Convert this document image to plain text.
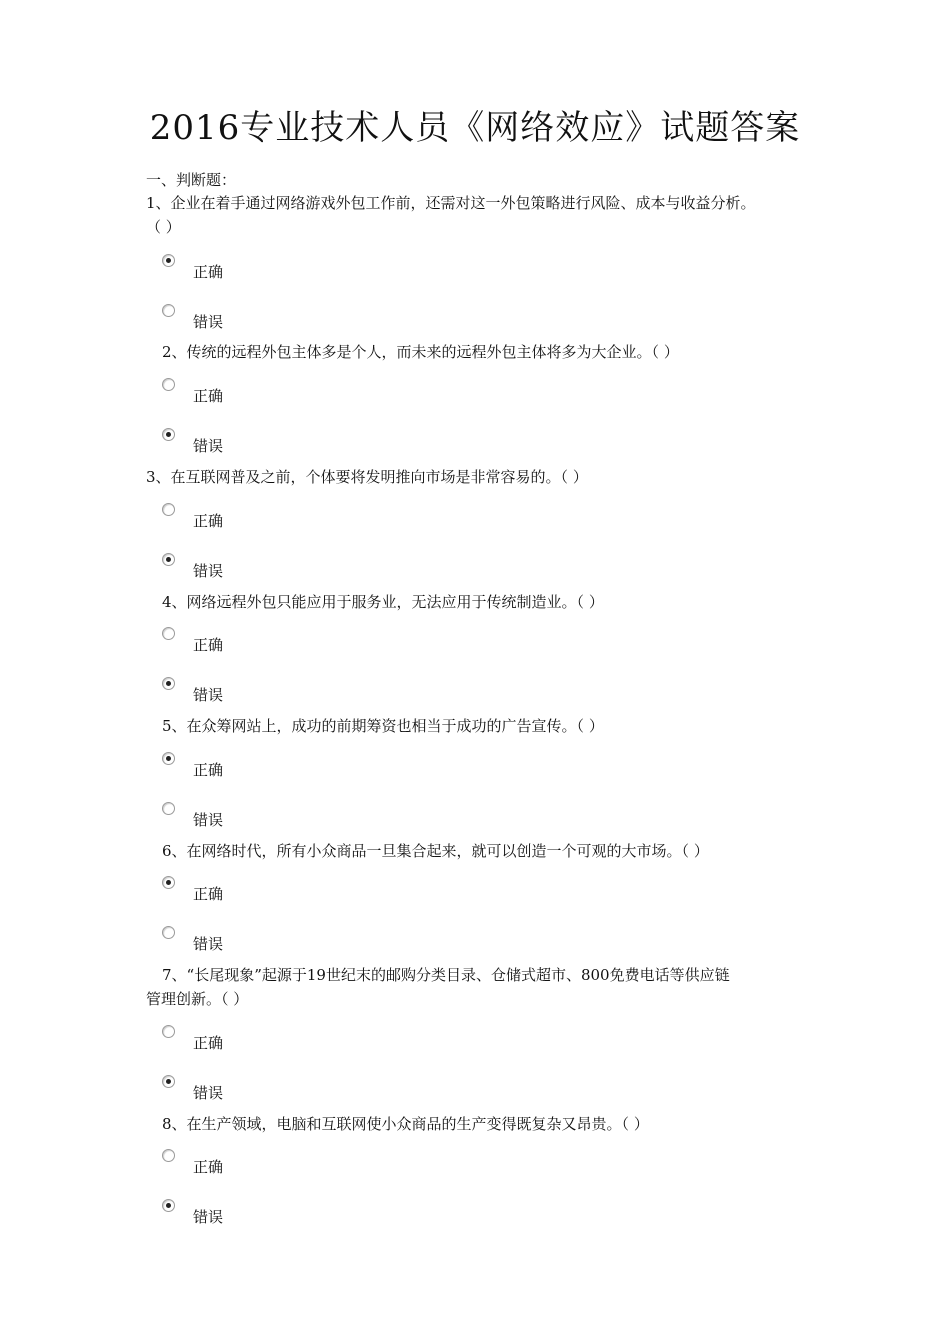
2016专业技术人员《网络效应》试题答案
一、判断题：
1、企业在着手通过网络游戏外包工作前，还需对这一外包策略进行风险、成本与收益分析。
（ ）
正确
错误
2、传统的远程外包主体多是个人，而未来的远程外包主体将多为大企业。（ ）
正确
错误
3、在互联网普及之前，个体要将发明推向市场是非常容易的。（ ）
正确
错误
4、网络远程外包只能应用于服务业，无法应用于传统制造业。（ ）
正确
错误
5、在众筹网站上，成功的前期筹资也相当于成功的广告宣传。（ ）
正确
错误
6、在网络时代，所有小众商品一旦集合起来，就可以创造一个可观的大市场。（ ）
正确
错误
7、“长尾现象”起源于19世纪末的邮购分类目录、仓储式超市、800免费电话等供应链
管理创新。（ ）
正确
错误
8、在生产领域，电脑和互联网使小众商品的生产变得既复杂又昂贵。（ ）
正确
错误
